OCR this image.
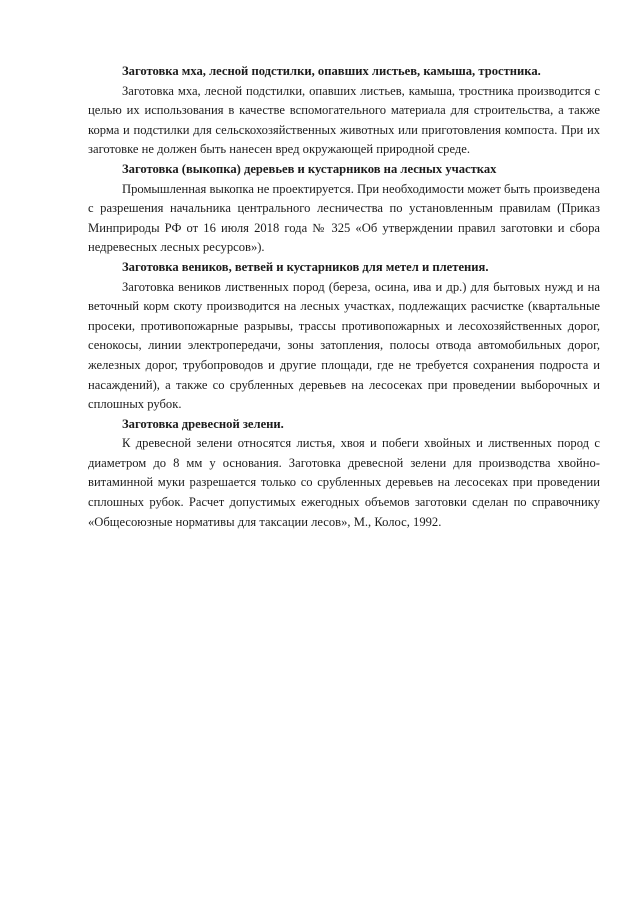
Заготовка мха, лесной подстилки, опавших листьев, камыша, тростника.

Заготовка мха, лесной подстилки, опавших листьев, камыша, тростника производится с целью их использования в качестве вспомогательного материала для строительства, а также корма и подстилки для сельскохозяйственных животных или приготовления компоста. При их заготовке не должен быть нанесен вред окружающей природной среде.

Заготовка (выкопка) деревьев и кустарников на лесных участках

Промышленная выкопка не проектируется. При необходимости может быть произведена с разрешения начальника центрального лесничества по установленным правилам (Приказ Минприроды РФ от 16 июля 2018 года № 325 «Об утверждении правил заготовки и сбора недревесных лесных ресурсов»).

Заготовка веников, ветвей и кустарников для метел и плетения.

Заготовка веников лиственных пород (береза, осина, ива и др.) для бытовых нужд и на веточный корм скоту производится на лесных участках, подлежащих расчистке (квартальные просеки, противопожарные разрывы, трассы противопожарных и лесохозяйственных дорог, сенокосы, линии электропередачи, зоны затопления, полосы отвода автомобильных дорог, железных дорог, трубопроводов и другие площади, где не требуется сохранения подроста и насаждений), а также со срубленных деревьев на лесосеках при проведении выборочных и сплошных рубок.

Заготовка древесной зелени.

К древесной зелени относятся листья, хвоя и побеги хвойных и лиственных пород с диаметром до 8 мм у основания. Заготовка древесной зелени для производства хвойно-витаминной муки разрешается только со срубленных деревьев на лесосеках при проведении сплошных рубок. Расчет допустимых ежегодных объемов заготовки сделан по справочнику «Общесоюзные нормативы для таксации лесов», М., Колос, 1992.
